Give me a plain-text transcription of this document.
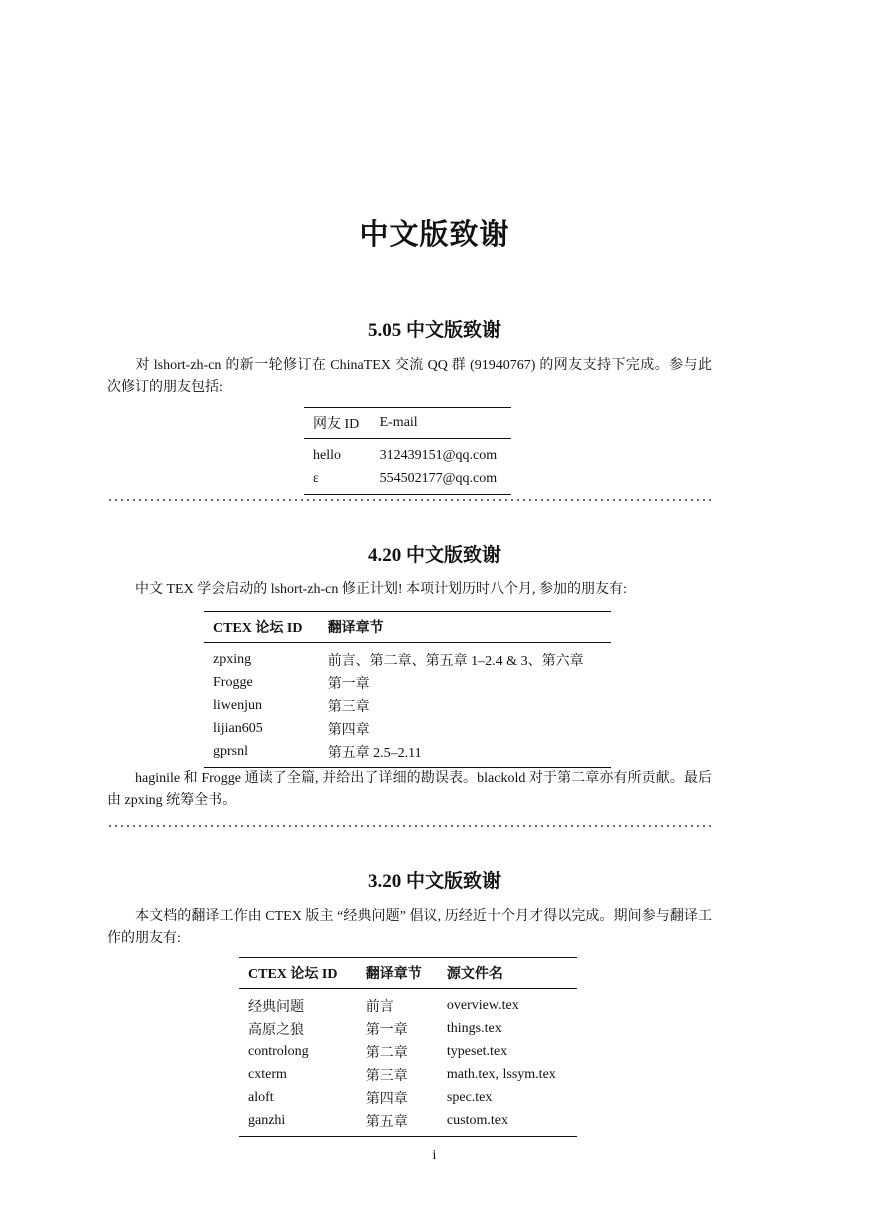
中文版致谢
5.05 中文版致谢
对 lshort-zh-cn 的新一轮修订在 ChinaTEX 交流 QQ 群 (91940767) 的网友支持下完成。参与此次修订的朋友包括:
网友 ID	E-mail
hello	312439151@qq.com
ε	554502177@qq.com
4.20 中文版致谢
中文 TEX 学会启动的 lshort-zh-cn 修正计划! 本项计划历时八个月, 参加的朋友有:
CTEX 论坛 ID	翻译章节
zpxing	前言、第二章、第五章 1–2.4 & 3、第六章
Frogge	第一章
liwenjun	第三章
lijian605	第四章
gprsnl	第五章 2.5–2.11
haginile 和 Frogge 通读了全篇, 并给出了详细的勘误表。blackold 对于第二章亦有所贡献。最后由 zpxing 统筹全书。
3.20 中文版致谢
本文档的翻译工作由 CTEX 版主 “经典问题” 倡议, 历经近十个月才得以完成。期间参与翻译工作的朋友有:
CTEX 论坛 ID	翻译章节	源文件名
经典问题	前言	overview.tex
高原之狼	第一章	things.tex
controlong	第二章	typeset.tex
cxterm	第三章	math.tex, lssym.tex
aloft	第四章	spec.tex
ganzhi	第五章	custom.tex
i
